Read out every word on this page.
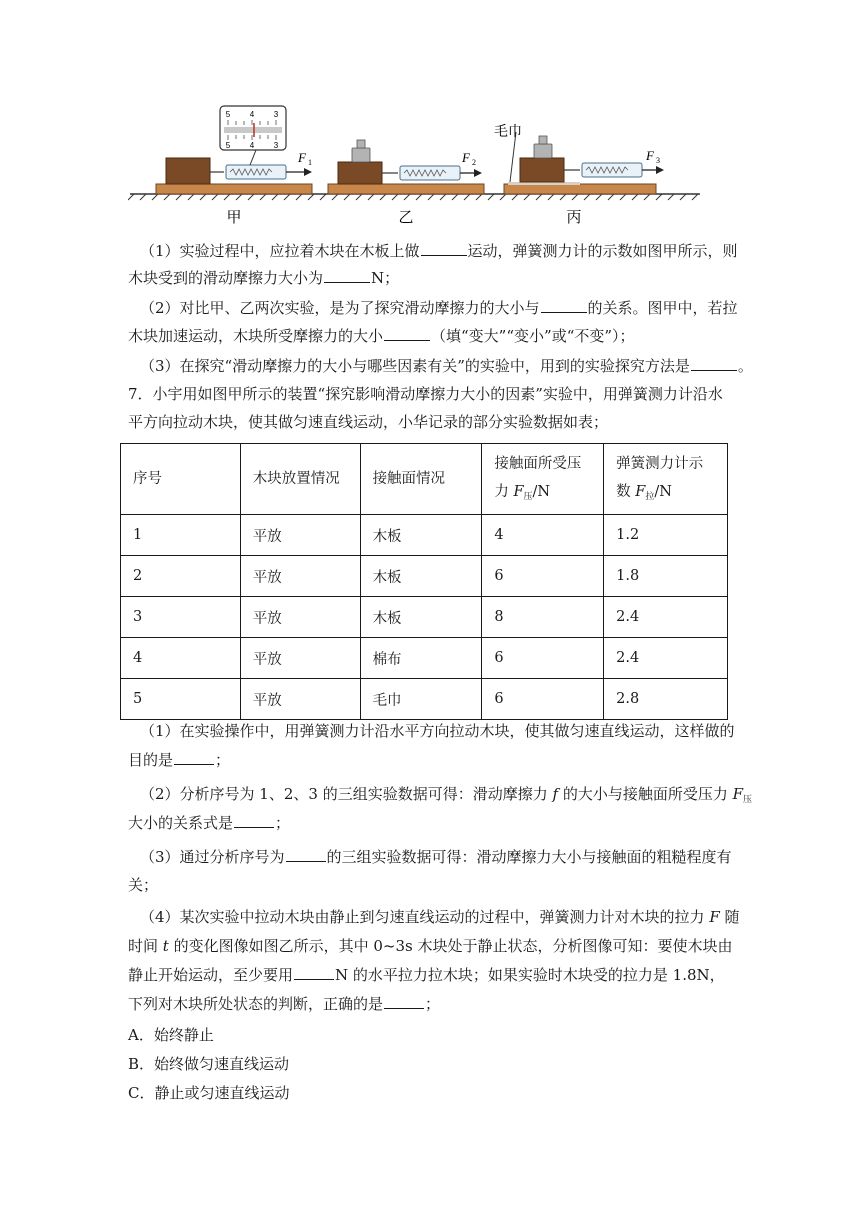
F 1
3
4
5
3
4
5
甲
F 2
乙
毛巾
F 3
丙
（1）实验过程中，应拉着木块在木板上做	运动，弹簧测力计的示数如图甲所示，则
木块受到的滑动摩擦力大小为	N；
（2）对比甲、乙两次实验，是为了探究滑动摩擦力的大小与	的关系。图甲中，若拉
木块加速运动，木块所受摩擦力的大小	（填“变大”“变小”或“不变”）；
（3）在探究“滑动摩擦力的大小与哪些因素有关”的实验中，用到的实验探究方法是	。
7．小宇用如图甲所示的装置“探究影响滑动摩擦力大小的因素”实验中，用弹簧测力计沿水
平方向拉动木块，使其做匀速直线运动，小华记录的部分实验数据如表；
序号	木块放置情况	接触面情况	接触面所受压
力 $F_压/N$	弹簧测力计示
数 $F_拉/N$
1	平放	木板	4	1.2
2	平放	木板	6	1.8
3	平放	木板	8	2.4
4	平放	棉布	6	2.4
5	平放	毛巾	6	2.8
（1）在实验操作中，用弹簧测力计沿水平方向拉动木块，使其做匀速直线运动，这样做的
目的是	；
（2）分析序号为 1、2、3 的三组实验数据可得：滑动摩擦力 f 的大小与接触面所受压力 $F_压$
大小的关系式是	；
（3）通过分析序号为	的三组实验数据可得：滑动摩擦力大小与接触面的粗糙程度有
关；
（4）某次实验中拉动木块由静止到匀速直线运动的过程中，弹簧测力计对木块的拉力 F 随
时间 t 的变化图像如图乙所示，其中 0~3s 木块处于静止状态，分析图像可知：要使木块由
静止开始运动，至少要用	N 的水平拉力拉木块；如果实验时木块受的拉力是 1.8N，
下列对木块所处状态的判断，正确的是	；
A．始终静止
B．始终做匀速直线运动
C．静止或匀速直线运动
